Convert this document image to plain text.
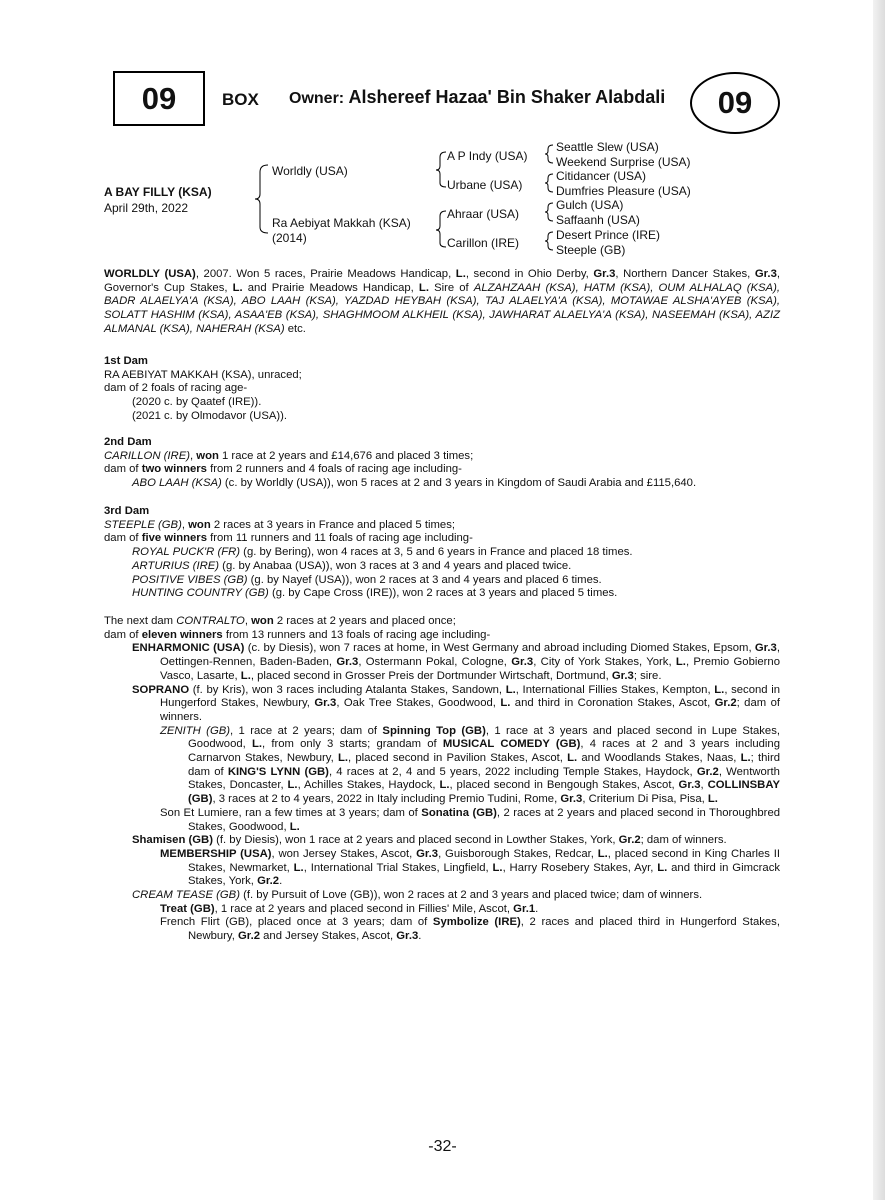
09	BOX Owner: Alshereef Hazaa' Bin Shaker Alabdali 09
A BAY FILLY (KSA)
April 29th, 2022
Worldly (USA)
Ra Aebiyat Makkah (KSA)
(2014)
A P Indy (USA)
Urbane (USA)
Ahraar (USA)
Carillon (IRE)
Seattle Slew (USA)
Weekend Surprise (USA)
Citidancer (USA)
Dumfries Pleasure (USA)
Gulch (USA)
Saffaanh (USA)
Desert Prince (IRE)
Steeple (GB)
WORLDLY (USA), 2007. Won 5 races, Prairie Meadows Handicap, L., second in Ohio Derby, Gr.3, Northern Dancer Stakes, Gr.3, Governor's Cup Stakes, L. and Prairie Meadows Handicap, L. Sire of ALZAHZAAH (KSA), HATM (KSA), OUM ALHALAQ (KSA), BADR ALAELYA'A (KSA), ABO LAAH (KSA), YAZDAD HEYBAH (KSA), TAJ ALAELYA'A (KSA), MOTAWAE ALSHA'AYEB (KSA), SOLATT HASHIM (KSA), ASAA'EB (KSA), SHAGHMOOM ALKHEIL (KSA), JAWHARAT ALAELYA'A (KSA), NASEEMAH (KSA), AZIZ ALMANAL (KSA), NAHERAH (KSA) etc.

1st Dam

RA AEBIYAT MAKKAH (KSA), unraced;

dam of 2 foals of racing age-

(2020 c. by Qaatef (IRE)).

(2021 c. by Olmodavor (USA)).

2nd Dam

CARILLON (IRE), won 1 race at 2 years and £14,676 and placed 3 times;

dam of two winners from 2 runners and 4 foals of racing age including-

ABO LAAH (KSA) (c. by Worldly (USA)), won 5 races at 2 and 3 years in Kingdom of Saudi Arabia and £115,640.

3rd Dam

STEEPLE (GB), won 2 races at 3 years in France and placed 5 times;

dam of five winners from 11 runners and 11 foals of racing age including-

ROYAL PUCK'R (FR) (g. by Bering), won 4 races at 3, 5 and 6 years in France and placed 18 times.

ARTURIUS (IRE) (g. by Anabaa (USA)), won 3 races at 3 and 4 years and placed twice.

POSITIVE VIBES (GB) (g. by Nayef (USA)), won 2 races at 3 and 4 years and placed 6 times.

HUNTING COUNTRY (GB) (g. by Cape Cross (IRE)), won 2 races at 3 years and placed 5 times.

The next dam CONTRALTO, won 2 races at 2 years and placed once;

dam of eleven winners from 13 runners and 13 foals of racing age including-

ENHARMONIC (USA) (c. by Diesis), won 7 races at home, in West Germany and abroad including Diomed Stakes, Epsom, Gr.3, Oettingen-Rennen, Baden-Baden, Gr.3, Ostermann Pokal, Cologne, Gr.3, City of York Stakes, York, L., Premio Gobierno Vasco, Lasarte, L., placed second in Grosser Preis der Dortmunder Wirtschaft, Dortmund, Gr.3; sire.

SOPRANO (f. by Kris), won 3 races including Atalanta Stakes, Sandown, L., International Fillies Stakes, Kempton, L., second in Hungerford Stakes, Newbury, Gr.3, Oak Tree Stakes, Goodwood, L. and third in Coronation Stakes, Ascot, Gr.2; dam of winners.

ZENITH (GB), 1 race at 2 years; dam of Spinning Top (GB), 1 race at 3 years and placed second in Lupe Stakes, Goodwood, L., from only 3 starts; grandam of MUSICAL COMEDY (GB), 4 races at 2 and 3 years including Carnarvon Stakes, Newbury, L., placed second in Pavilion Stakes, Ascot, L. and Woodlands Stakes, Naas, L.; third dam of KING'S LYNN (GB), 4 races at 2, 4 and 5 years, 2022 including Temple Stakes, Haydock, Gr.2, Wentworth Stakes, Doncaster, L., Achilles Stakes, Haydock, L., placed second in Bengough Stakes, Ascot, Gr.3, COLLINSBAY (GB), 3 races at 2 to 4 years, 2022 in Italy including Premio Tudini, Rome, Gr.3, Criterium Di Pisa, Pisa, L.

Son Et Lumiere, ran a few times at 3 years; dam of Sonatina (GB), 2 races at 2 years and placed second in Thoroughbred Stakes, Goodwood, L.

Shamisen (GB) (f. by Diesis), won 1 race at 2 years and placed second in Lowther Stakes, York, Gr.2; dam of winners.

MEMBERSHIP (USA), won Jersey Stakes, Ascot, Gr.3, Guisborough Stakes, Redcar, L., placed second in King Charles II Stakes, Newmarket, L., International Trial Stakes, Lingfield, L., Harry Rosebery Stakes, Ayr, L. and third in Gimcrack Stakes, York, Gr.2.

CREAM TEASE (GB) (f. by Pursuit of Love (GB)), won 2 races at 2 and 3 years and placed twice; dam of winners.

Treat (GB), 1 race at 2 years and placed second in Fillies' Mile, Ascot, Gr.1.

French Flirt (GB), placed once at 3 years; dam of Symbolize (IRE), 2 races and placed third in Hungerford Stakes, Newbury, Gr.2 and Jersey Stakes, Ascot, Gr.3.

-32-
